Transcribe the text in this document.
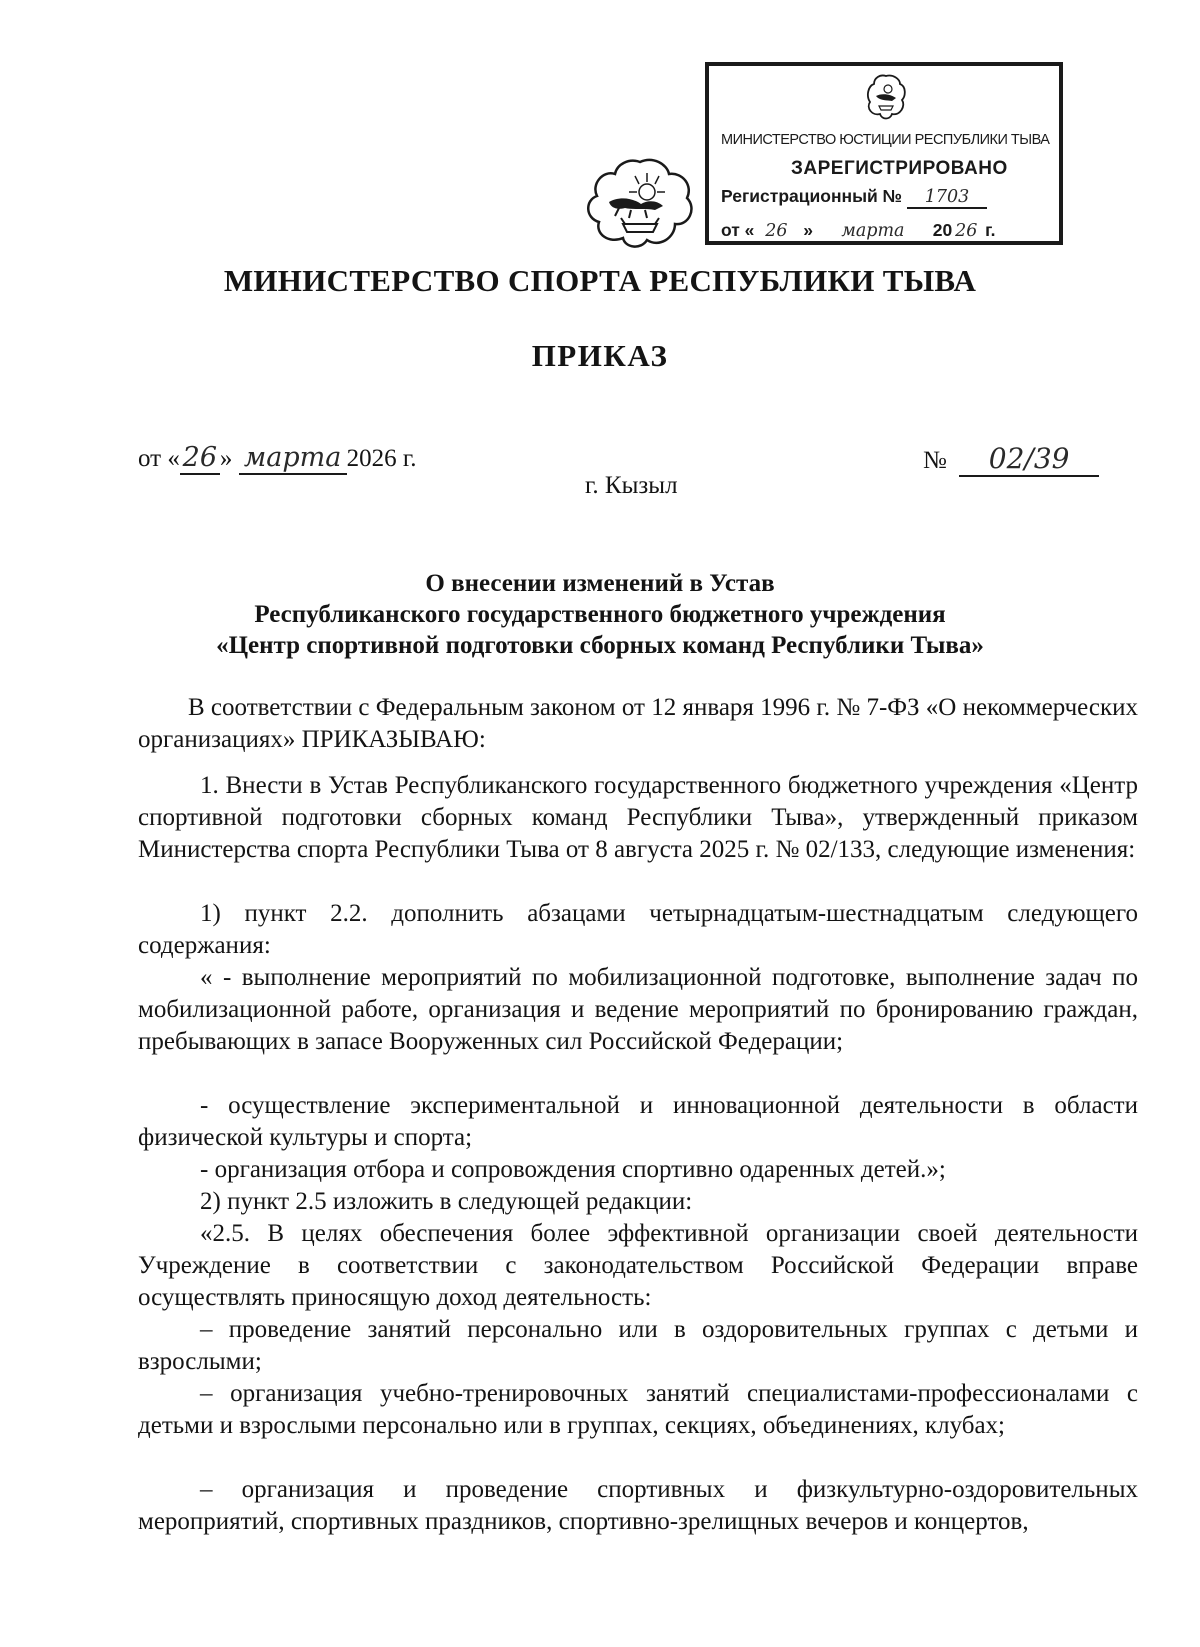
МИНИСТЕРСТВО ЮСТИЦИИ РЕСПУБЛИКИ ТЫВА
ЗАРЕГИСТРИРОВАНО
Регистрационный № 1703
от « 26 » марта 20 26 г.
МИНИСТЕРСТВО СПОРТА РЕСПУБЛИКИ ТЫВА
ПРИКАЗ
от « 26 » марта 2026 г.	№ 02/39
г. Кызыл
О внесении изменений в Устав
Республиканского государственного бюджетного учреждения
«Центр спортивной подготовки сборных команд Республики Тыва»

В соответствии с Федеральным законом от 12 января 1996 г. № 7-ФЗ «О некоммерческих организациях» ПРИКАЗЫВАЮ:

1. Внести в Устав Республиканского государственного бюджетного учреждения «Центр спортивной подготовки сборных команд Республики Тыва», утвержденный приказом Министерства спорта Республики Тыва от 8 августа 2025 г. № 02/133, следующие изменения:

1) пункт 2.2. дополнить абзацами четырнадцатым-шестнадцатым следующего содержания:

« - выполнение мероприятий по мобилизационной подготовке, выполнение задач по мобилизационной работе, организация и ведение мероприятий по бронированию граждан, пребывающих в запасе Вооруженных сил Российской Федерации;

- осуществление экспериментальной и инновационной деятельности в области физической культуры и спорта;

- организация отбора и сопровождения спортивно одаренных детей.»;

2) пункт 2.5 изложить в следующей редакции:

«2.5. В целях обеспечения более эффективной организации своей деятельности Учреждение в соответствии с законодательством Российской Федерации вправе осуществлять приносящую доход деятельность:

– проведение занятий персонально или в оздоровительных группах с детьми и взрослыми;

– организация учебно-тренировочных занятий специалистами-профессионалами с детьми и взрослыми персонально или в группах, секциях, объединениях, клубах;

– организация и проведение спортивных и физкультурно-оздоровительных мероприятий, спортивных праздников, спортивно-зрелищных вечеров и концертов,
